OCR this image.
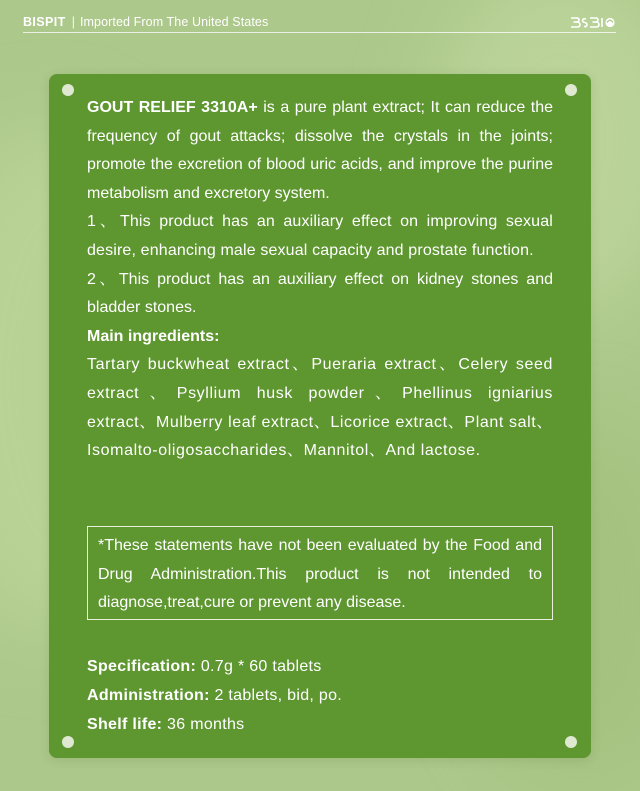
BISPIT | Imported From The United States

GOUT RELIEF 3310A+ is a pure plant extract; It can reduce the frequency of gout attacks; dissolve the crystals in the joints; promote the excretion of blood uric acids, and improve the purine metabolism and excretory system.

1、This product has an auxiliary effect on improving sexual desire, enhancing male sexual capacity and prostate function.

2、This product has an auxiliary effect on kidney stones and bladder stones.

Main ingredients:

Tartary buckwheat extract、Pueraria extract、Celery seed extract、Psyllium husk powder、Phellinus igniarius extract、Mulberry leaf extract、Licorice extract、Plant salt、Isomalto-oligosaccharides、Mannitol、And lactose.

*These statements have not been evaluated by the Food and Drug Administration.This product is not intended to diagnose,treat,cure or prevent any disease.
Specification: 0.7g * 60 tablets
Administration: 2 tablets, bid, po.
Shelf life: 36 months
